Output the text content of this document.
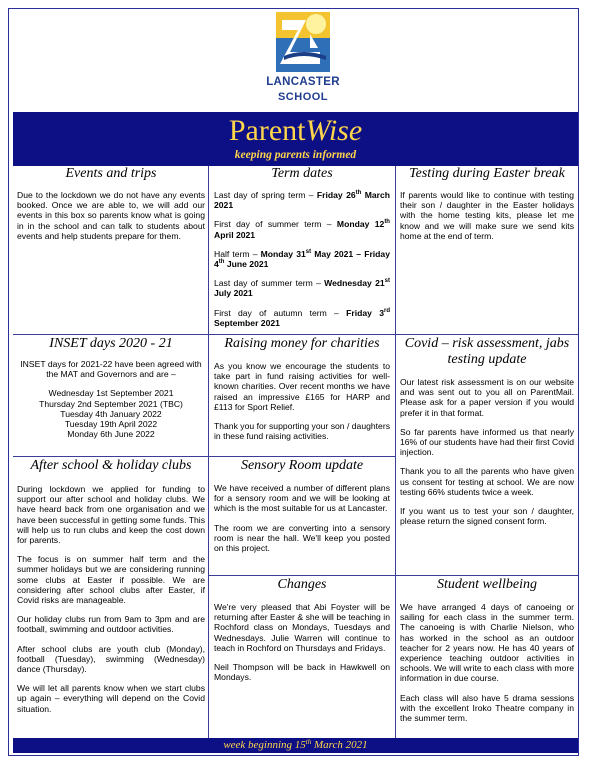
LANCASTER
SCHOOL
ParentWise
keeping parents informed
Events and trips

Due to the lockdown we do not have any events booked. Once we are able to, we will add our events in this box so parents know what is going in in the school and can talk to students about events and help students prepare for them.

Term dates

Last day of spring term – Friday 26th March 2021

First day of summer term – Monday 12th April 2021

Half term – Monday 31st May 2021 – Friday 4th June 2021

Last day of summer term – Wednesday 21st July 2021

First day of autumn term – Friday 3rd September 2021

Testing during Easter break

If parents would like to continue with testing their son / daughter in the Easter holidays with the home testing kits, please let me know and we will make sure we send kits home at the end of term.

INSET days 2020 - 21

INSET days for 2021-22 have been agreed with the MAT and Governors and are –

Wednesday 1st September 2021
Thursday 2nd September 2021 (TBC)
Tuesday 4th January 2022
Tuesday 19th April 2022
Monday 6th June 2022
Raising money for charities

As you know we encourage the students to take part in fund raising activities for well-known charities. Over recent months we have raised an impressive £165 for HARP and £113 for Sport Relief.

Thank you for supporting your son / daughters in these fund raising activities.

Covid – risk assessment, jabs testing update

Our latest risk assessment is on our website and was sent out to you all on ParentMail. Please ask for a paper version if you would prefer it in that format.

So far parents have informed us that nearly 16% of our students have had their first Covid injection.

Thank you to all the parents who have given us consent for testing at school. We are now testing 66% students twice a week.

If you want us to test your son / daughter, please return the signed consent form.

After school & holiday clubs

During lockdown we applied for funding to support our after school and holiday clubs. We have heard back from one organisation and we have been successful in getting some funds. This will help us to run clubs and keep the cost down for parents.

The focus is on summer half term and the summer holidays but we are considering running some clubs at Easter if possible. We are considering after school clubs after Easter, if Covid risks are manageable.

Our holiday clubs run from 9am to 3pm and are football, swimming and outdoor activities.

After school clubs are youth club (Monday), football (Tuesday), swimming (Wednesday) dance (Thursday).

We will let all parents know when we start clubs up again – everything will depend on the Covid situation.

Sensory Room update

We have received a number of different plans for a sensory room and we will be looking at which is the most suitable for us at Lancaster.

The room we are converting into a sensory room is near the hall. We'll keep you posted on this project.

Changes

We're very pleased that Abi Foyster will be returning after Easter & she will be teaching in Rochford class on Mondays, Tuesdays and Wednesdays. Julie Warren will continue to teach in Rochford on Thursdays and Fridays.

Neil Thompson will be back in Hawkwell on Mondays.

Student wellbeing

We have arranged 4 days of canoeing or sailing for each class in the summer term. The canoeing is with Charlie Nielson, who has worked in the school as an outdoor teacher for 2 years now. He has 40 years of experience teaching outdoor activities in schools. We will write to each class with more information in due course.

Each class will also have 5 drama sessions with the excellent Iroko Theatre company in the summer term.

week beginning 15th March 2021
